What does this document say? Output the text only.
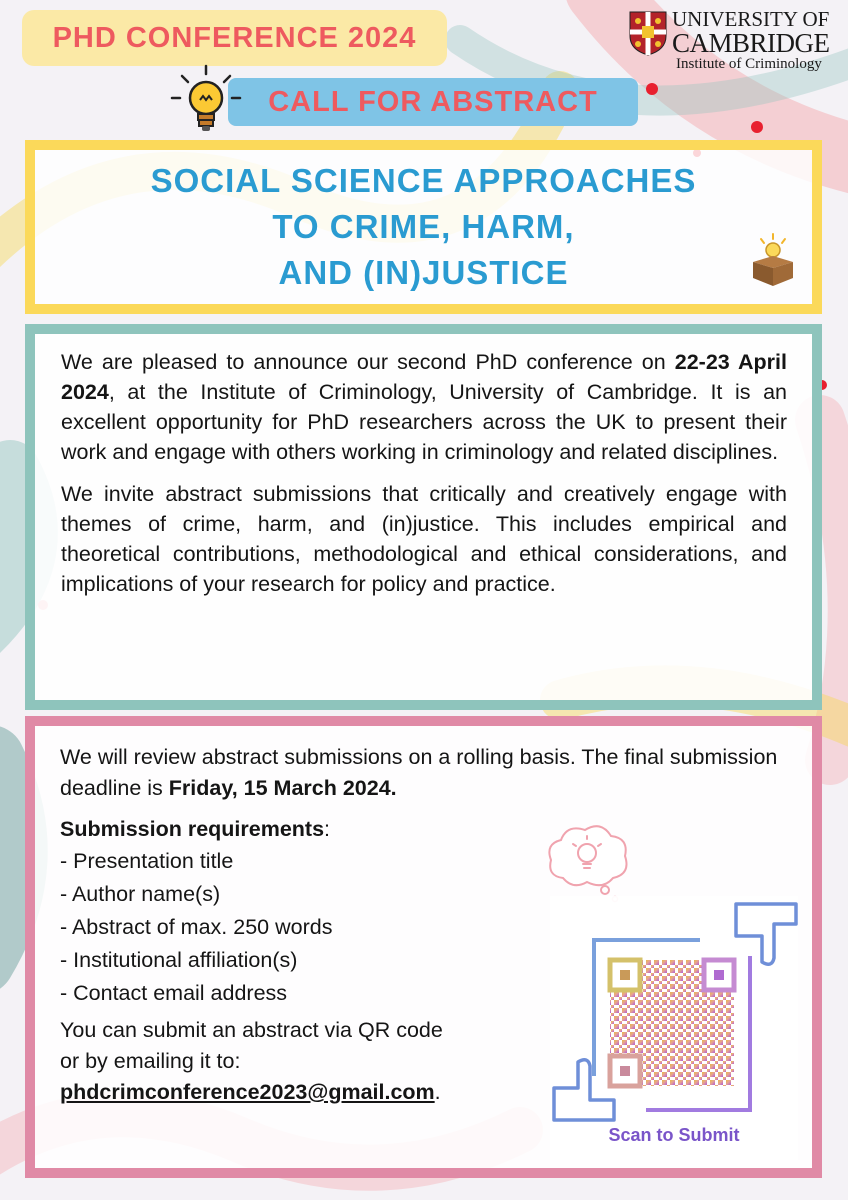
PHD CONFERENCE 2024
CALL FOR ABSTRACT
UNIVERSITY OF
CAMBRIDGE
Institute of Criminology
SOCIAL SCIENCE APPROACHES
TO CRIME, HARM,
AND (IN)JUSTICE

We are pleased to announce our second PhD conference on 22-23 April 2024, at the Institute of Criminology, University of Cambridge. It is an excellent opportunity for PhD researchers across the UK to present their work and engage with others working in criminology and related disciplines.

We invite abstract submissions that critically and creatively engage with themes of crime, harm, and (in)justice. This includes empirical and theoretical contributions, methodological and ethical considerations, and implications of your research for policy and practice.

We will review abstract submissions on a rolling basis. The final submission deadline is Friday, 15 March 2024.

Submission requirements:

- Presentation title
- Author name(s)
- Abstract of max. 250 words
- Institutional affiliation(s)
- Contact email address

You can submit an abstract via QR code

or by emailing it to:

phdcrimconference2023@gmail.com.

Scan to Submit
